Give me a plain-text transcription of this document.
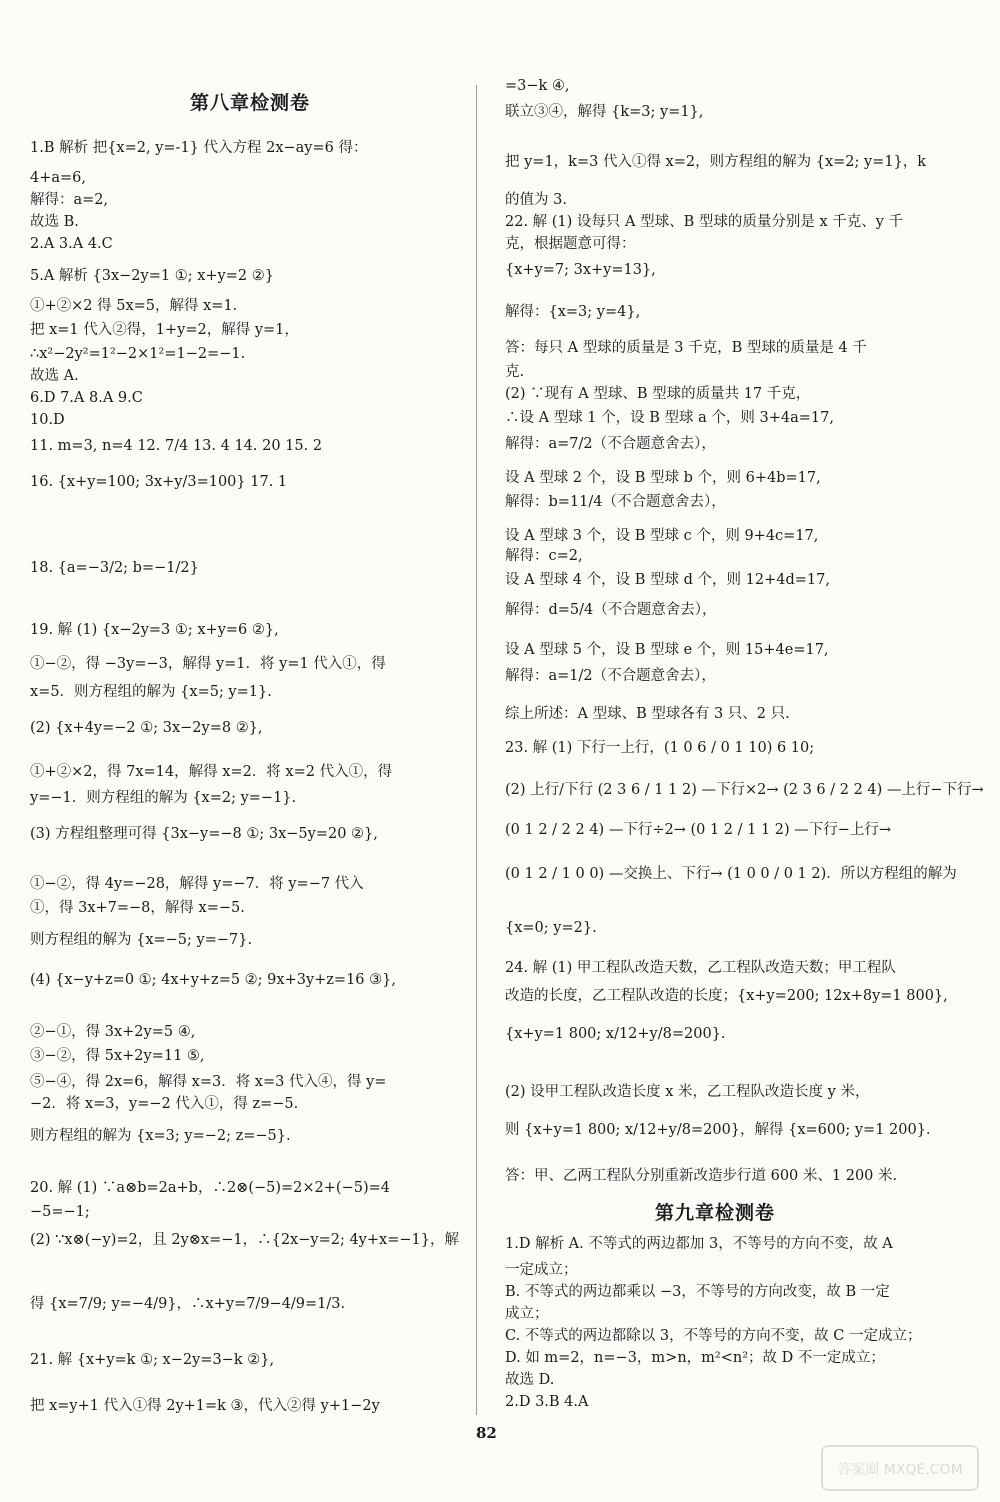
第八章检测卷
1.B 解析 把{x=2, y=-1} 代入方程 2x−ay=6 得：
4+a=6,
解得：a=2,
故选 B.
2.A 3.A 4.C
5.A 解析 {3x−2y=1 ①; x+y=2 ②}
①+②×2 得 5x=5，解得 x=1．
把 x=1 代入②得，1+y=2，解得 y=1，
∴x²−2y²=1²−2×1²=1−2=−1.
故选 A.
6.D 7.A 8.A 9.C
10.D
11. m=3, n=4 12. 7/4 13. 4 14. 20 15. 2
16. {x+y=100; 3x+y/3=100} 17. 1
18. {a=−3/2; b=−1/2}
19. 解 (1) {x−2y=3 ①; x+y=6 ②},
①−②，得 −3y=−3，解得 y=1．将 y=1 代入①，得
x=5．则方程组的解为 {x=5; y=1}.
(2) {x+4y=−2 ①; 3x−2y=8 ②},
①+②×2，得 7x=14，解得 x=2．将 x=2 代入①，得
y=−1．则方程组的解为 {x=2; y=−1}.
(3) 方程组整理可得 {3x−y=−8 ①; 3x−5y=20 ②},
①−②，得 4y=−28，解得 y=−7．将 y=−7 代入
①，得 3x+7=−8，解得 x=−5.
则方程组的解为 {x=−5; y=−7}.
(4) {x−y+z=0 ①; 4x+y+z=5 ②; 9x+3y+z=16 ③},
②−①，得 3x+2y=5 ④,
③−②，得 5x+2y=11 ⑤,
⑤−④，得 2x=6，解得 x=3．将 x=3 代入④，得 y=
−2．将 x=3，y=−2 代入①，得 z=−5.
则方程组的解为 {x=3; y=−2; z=−5}.
20. 解 (1) ∵a⊗b=2a+b，∴2⊗(−5)=2×2+(−5)=4
−5=−1;
(2) ∵x⊗(−y)=2，且 2y⊗x=−1，∴{2x−y=2; 4y+x=−1}，解
得 {x=7/9; y=−4/9}，∴x+y=7/9−4/9=1/3.
21. 解 {x+y=k ①; x−2y=3−k ②},
把 x=y+1 代入①得 2y+1=k ③，代入②得 y+1−2y
=3−k ④,
联立③④，解得 {k=3; y=1},
把 y=1，k=3 代入①得 x=2，则方程组的解为 {x=2; y=1}，k
的值为 3.
22. 解 (1) 设每只 A 型球、B 型球的质量分别是 x 千克、y 千
克，根据题意可得：
{x+y=7; 3x+y=13},
解得：{x=3; y=4},
答：每只 A 型球的质量是 3 千克，B 型球的质量是 4 千
克.
(2) ∵现有 A 型球、B 型球的质量共 17 千克，
∴设 A 型球 1 个，设 B 型球 a 个，则 3+4a=17,
解得：a=7/2（不合题意舍去），
设 A 型球 2 个，设 B 型球 b 个，则 6+4b=17,
解得：b=11/4（不合题意舍去），
设 A 型球 3 个，设 B 型球 c 个，则 9+4c=17,
解得：c=2,
设 A 型球 4 个，设 B 型球 d 个，则 12+4d=17,
解得：d=5/4（不合题意舍去），
设 A 型球 5 个，设 B 型球 e 个，则 15+4e=17,
解得：a=1/2（不合题意舍去），
综上所述：A 型球、B 型球各有 3 只、2 只.
23. 解 (1) 下行一上行，(1 0 6 / 0 1 10) 6 10;
(2) 上行/下行 (2 3 6 / 1 1 2) —下行×2→ (2 3 6 / 2 2 4) —上行−下行→
(0 1 2 / 2 2 4) —下行÷2→ (0 1 2 / 1 1 2) —下行−上行→
(0 1 2 / 1 0 0) —交换上、下行→ (1 0 0 / 0 1 2)．所以方程组的解为
{x=0; y=2}.
24. 解 (1) 甲工程队改造天数，乙工程队改造天数；甲工程队
改造的长度，乙工程队改造的长度；{x+y=200; 12x+8y=1 800},
{x+y=1 800; x/12+y/8=200}.
(2) 设甲工程队改造长度 x 米，乙工程队改造长度 y 米，
则 {x+y=1 800; x/12+y/8=200}，解得 {x=600; y=1 200}.
答：甲、乙两工程队分别重新改造步行道 600 米、1 200 米.
第九章检测卷
1.D 解析 A. 不等式的两边都加 3，不等号的方向不变，故 A
一定成立；
B. 不等式的两边都乘以 −3，不等号的方向改变，故 B 一定
成立；
C. 不等式的两边都除以 3，不等号的方向不变，故 C 一定成立；
D. 如 m=2，n=−3，m>n，m²<n²；故 D 不一定成立；
故选 D.
2.D 3.B 4.A
82
答案圈 MXQE.COM
